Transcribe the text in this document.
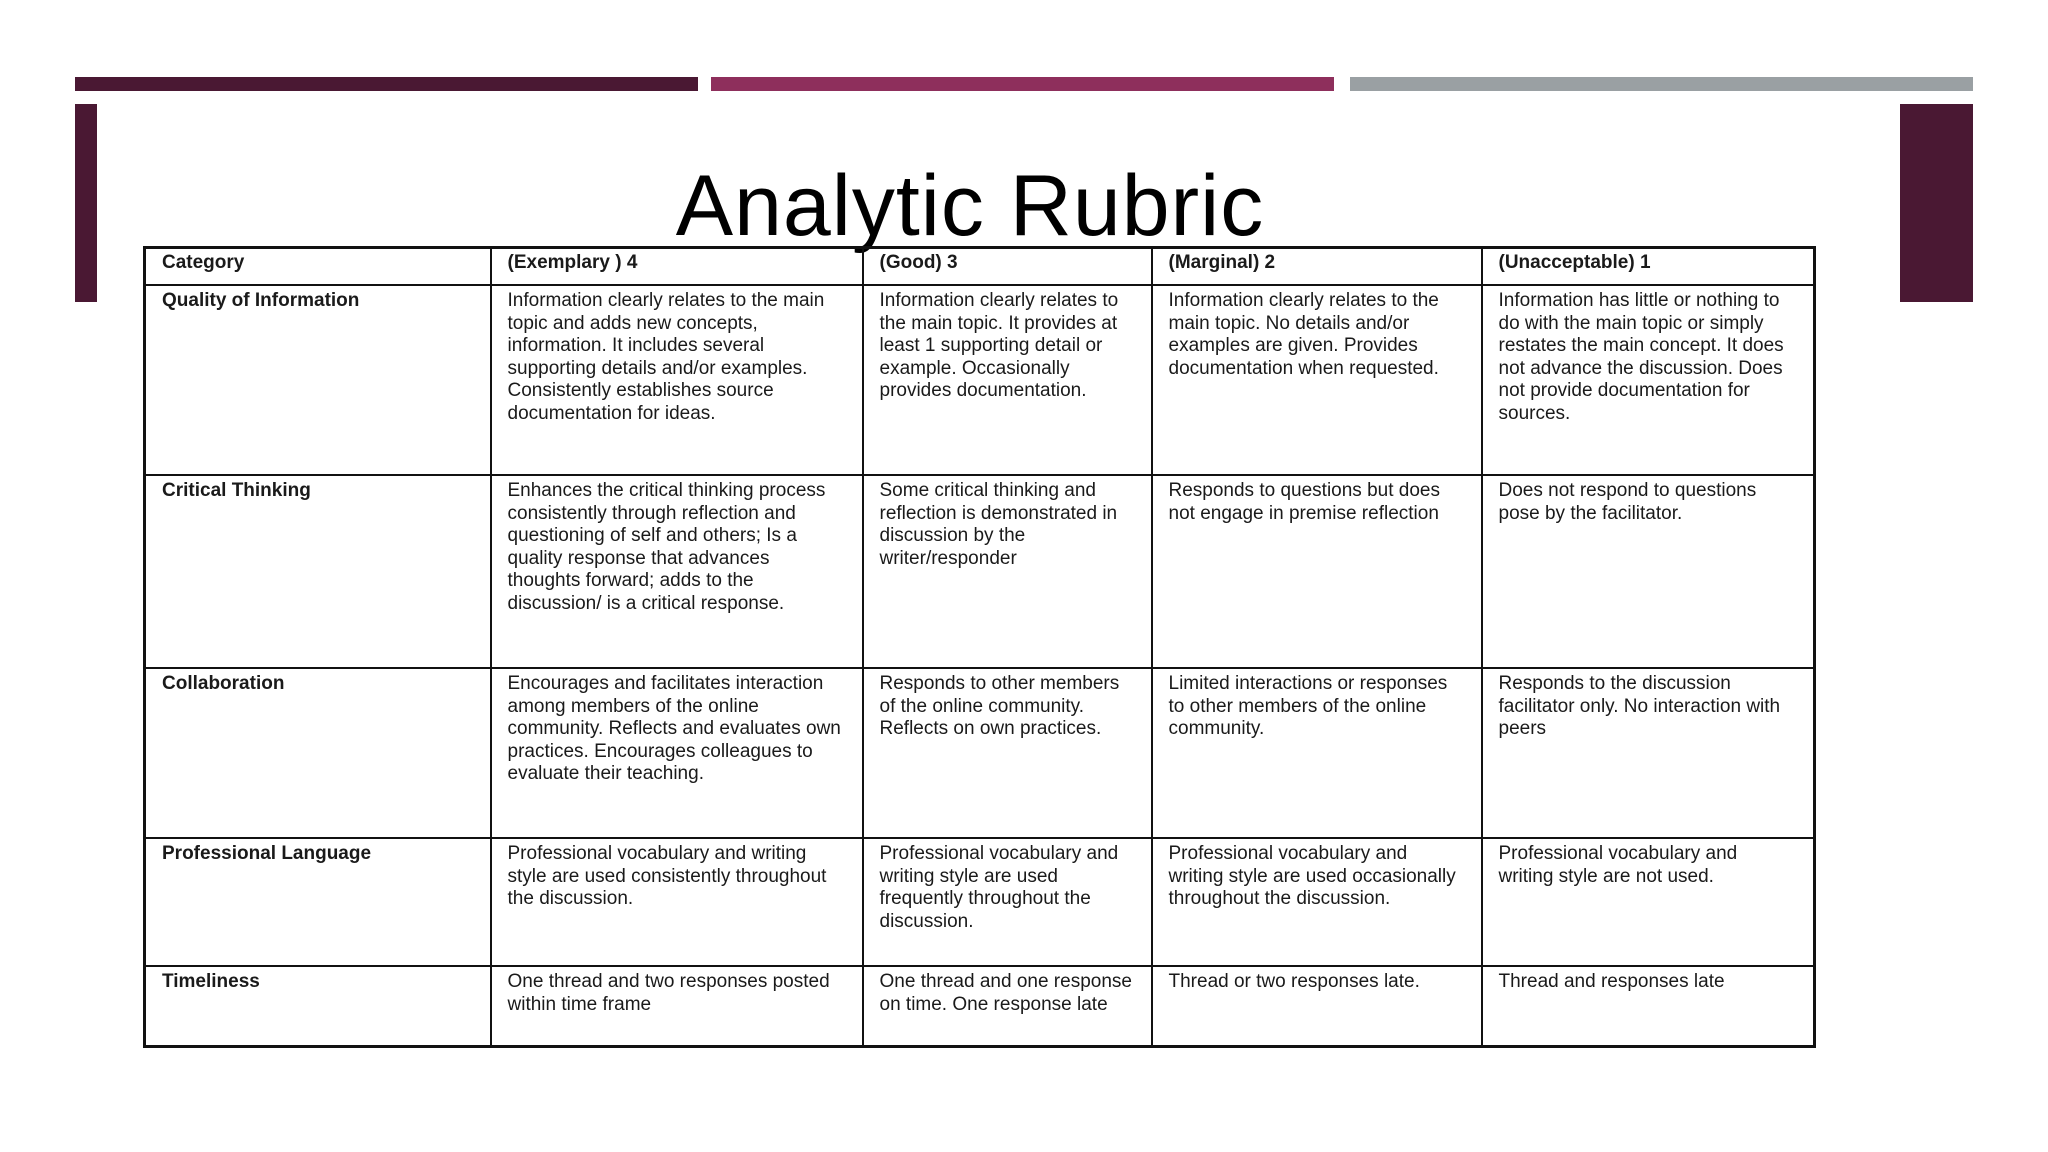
Analytic Rubric
Category	(Exemplary ) 4	(Good) 3	(Marginal) 2	(Unacceptable) 1
Quality of Information	Information clearly relates to the main topic and adds new concepts, information. It includes several supporting details and/or examples. Consistently establishes source documentation for ideas.	Information clearly relates to the main topic. It provides at least 1 supporting detail or example. Occasionally provides documentation.	Information clearly relates to the main topic. No details and/or examples are given. Provides documentation when requested.	Information has little or nothing to do with the main topic or simply restates the main concept. It does not advance the discussion. Does not provide documentation for sources.
Critical Thinking	Enhances the critical thinking process consistently through reflection and questioning of self and others; Is a quality response that advances thoughts forward; adds to the discussion/ is a critical response.	Some critical thinking and reflection is demonstrated in discussion by the writer/responder	Responds to questions but does not engage in premise reflection	Does not respond to questions pose by the facilitator.
Collaboration	Encourages and facilitates interaction among members of the online community. Reflects and evaluates own practices. Encourages colleagues to evaluate their teaching.	Responds to other members of the online community. Reflects on own practices.	Limited interactions or responses to other members of the online community.	Responds to the discussion facilitator only. No interaction with peers
Professional Language	Professional vocabulary and writing style are used consistently throughout the discussion.	Professional vocabulary and writing style are used frequently throughout the discussion.	Professional vocabulary and writing style are used occasionally throughout the discussion.	Professional vocabulary and writing style are not used.
Timeliness	One thread and two responses posted within time frame	One thread and one response on time. One response late	Thread or two responses late.	Thread and responses late
